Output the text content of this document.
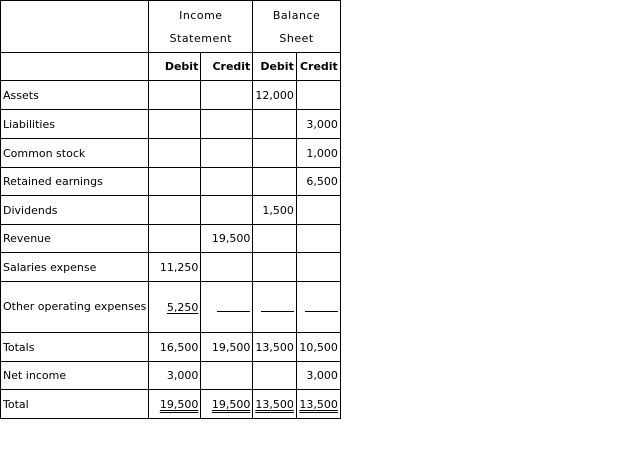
	Income Statement		Balance Sheet	
	Debit	Credit	Debit	Credit
Assets			12,000	
Liabilities				3,000
Common stock				1,000
Retained earnings				6,500
Dividends			1,500	
Revenue		19,500		
Salaries expense	11,250			
Other operating expenses	5,250			
Totals	16,500	19,500	13,500	10,500
Net income	3,000			3,000
Total	19,500	19,500	13,500	13,500
